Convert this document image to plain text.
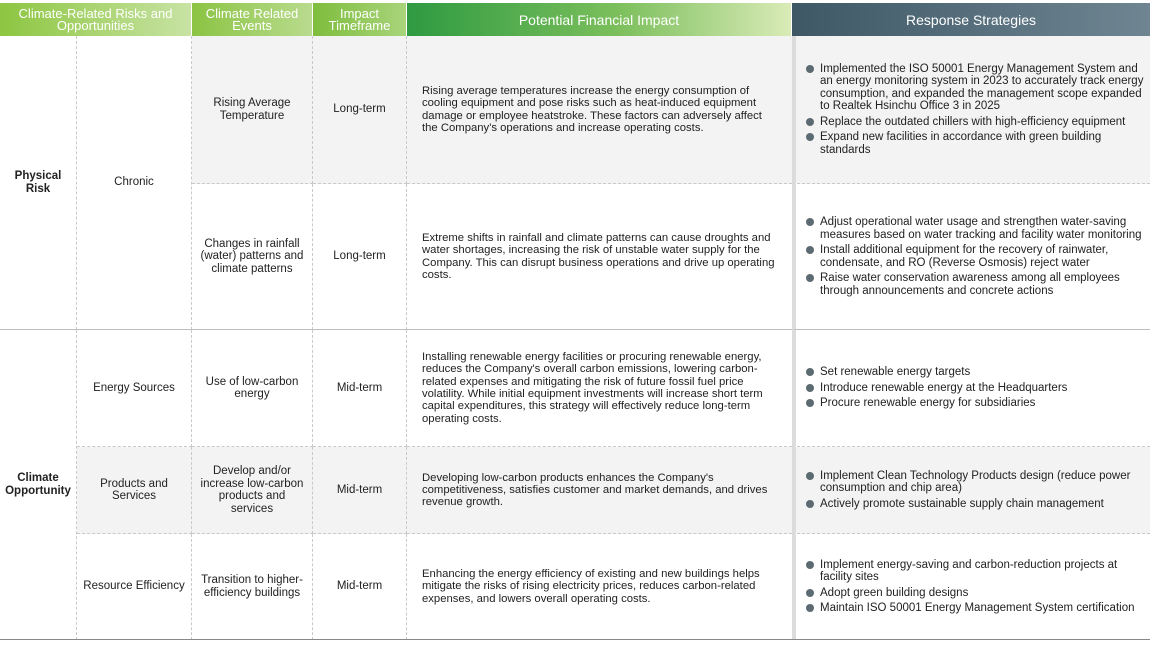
Climate-Related Risks and Opportunities
Climate Related Events
Impact Timeframe	Potential Financial Impact	Response Strategies
Physical Risk
Climate Opportunity
Chronic
Energy Sources
Products and Services
Resource Efficiency
Rising Average Temperature
Long-term
Rising average temperatures increase the energy consumption of cooling equipment and pose risks such as heat-induced equipment damage or employee heatstroke. These factors can adversely affect the Company's operations and increase operating costs.
Implemented the ISO 50001 Energy Management System and an energy monitoring system in 2023 to accurately track energy consumption, and expanded the management scope expanded to Realtek Hsinchu Office 3 in 2025
Replace the outdated chillers with high-efficiency equipment
Expand new facilities in accordance with green building standards
Changes in rainfall (water) patterns and climate patterns
Long-term
Extreme shifts in rainfall and climate patterns can cause droughts and water shortages, increasing the risk of unstable water supply for the Company. This can disrupt business operations and drive up operating costs.
Adjust operational water usage and strengthen water-saving measures based on water tracking and facility water monitoring
Install additional equipment for the recovery of rainwater, condensate, and RO (Reverse Osmosis) reject water
Raise water conservation awareness among all employees through announcements and concrete actions
Use of low-carbon energy
Mid-term
Installing renewable energy facilities or procuring renewable energy, reduces the Company's overall carbon emissions, lowering carbon-related expenses and mitigating the risk of future fossil fuel price volatility. While initial equipment investments will increase short term capital expenditures, this strategy will effectively reduce long-term operating costs.
Set renewable energy targets
Introduce renewable energy at the Headquarters
Procure renewable energy for subsidiaries
Develop and/or increase low-carbon products and services
Mid-term
Developing low-carbon products enhances the Company's competitiveness, satisfies customer and market demands, and drives revenue growth.
Implement Clean Technology Products design (reduce power consumption and chip area)
Actively promote sustainable supply chain management
Transition to higher-efficiency buildings
Mid-term
Enhancing the energy efficiency of existing and new buildings helps mitigate the risks of rising electricity prices, reduces carbon-related expenses, and lowers overall operating costs.
Implement energy-saving and carbon-reduction projects at facility sites
Adopt green building designs
Maintain ISO 50001 Energy Management System certification
